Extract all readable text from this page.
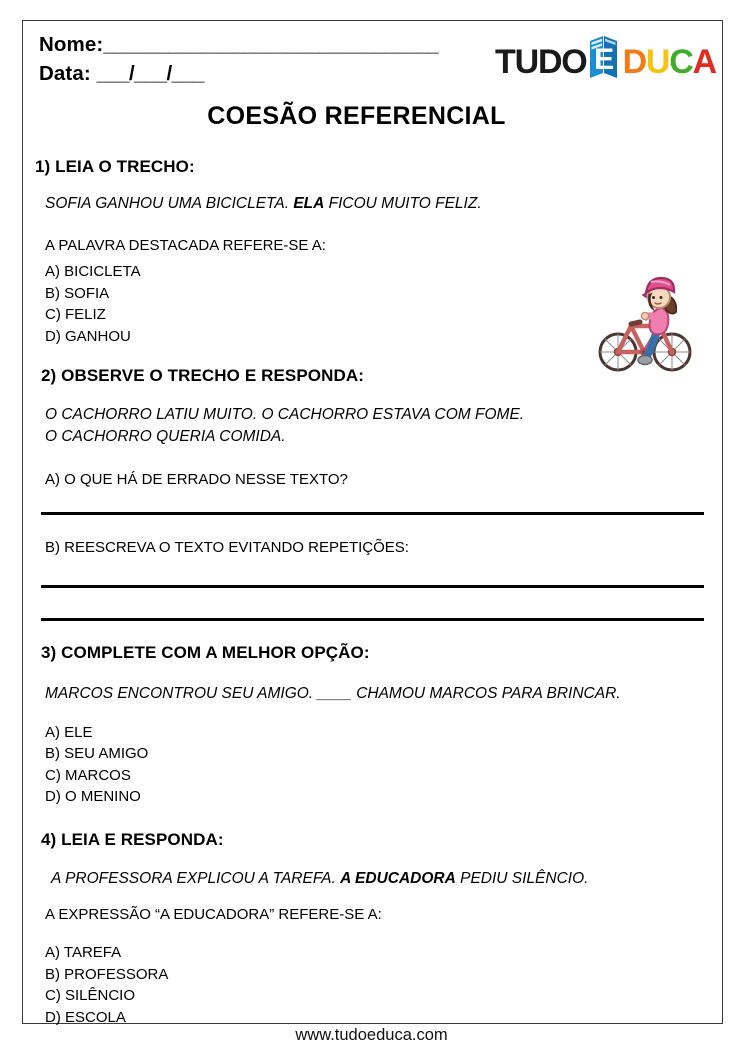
Nome:_______________________________
Data: ___/___/___	TUDO E D U C A
COESÃO REFERENCIAL
1) LEIA O TRECHO:
SOFIA GANHOU UMA BICICLETA. ELA FICOU MUITO FELIZ.
A PALAVRA DESTACADA REFERE-SE A:
A) BICICLETA
B) SOFIA
C) FELIZ
D) GANHOU
2) OBSERVE O TRECHO E RESPONDA:
O CACHORRO LATIU MUITO. O CACHORRO ESTAVA COM FOME.
O CACHORRO QUERIA COMIDA.
A) O QUE HÁ DE ERRADO NESSE TEXTO?
B) REESCREVA O TEXTO EVITANDO REPETIÇÕES:
3) COMPLETE COM A MELHOR OPÇÃO:
MARCOS ENCONTROU SEU AMIGO. ____ CHAMOU MARCOS PARA BRINCAR.
A) ELE
B) SEU AMIGO
C) MARCOS
D) O MENINO
4) LEIA E RESPONDA:
A PROFESSORA EXPLICOU A TAREFA. A EDUCADORA PEDIU SILÊNCIO.
A EXPRESSÃO “A EDUCADORA” REFERE-SE A:
A) TAREFA
B) PROFESSORA
C) SILÊNCIO
D) ESCOLA
www.tudoeduca.com
